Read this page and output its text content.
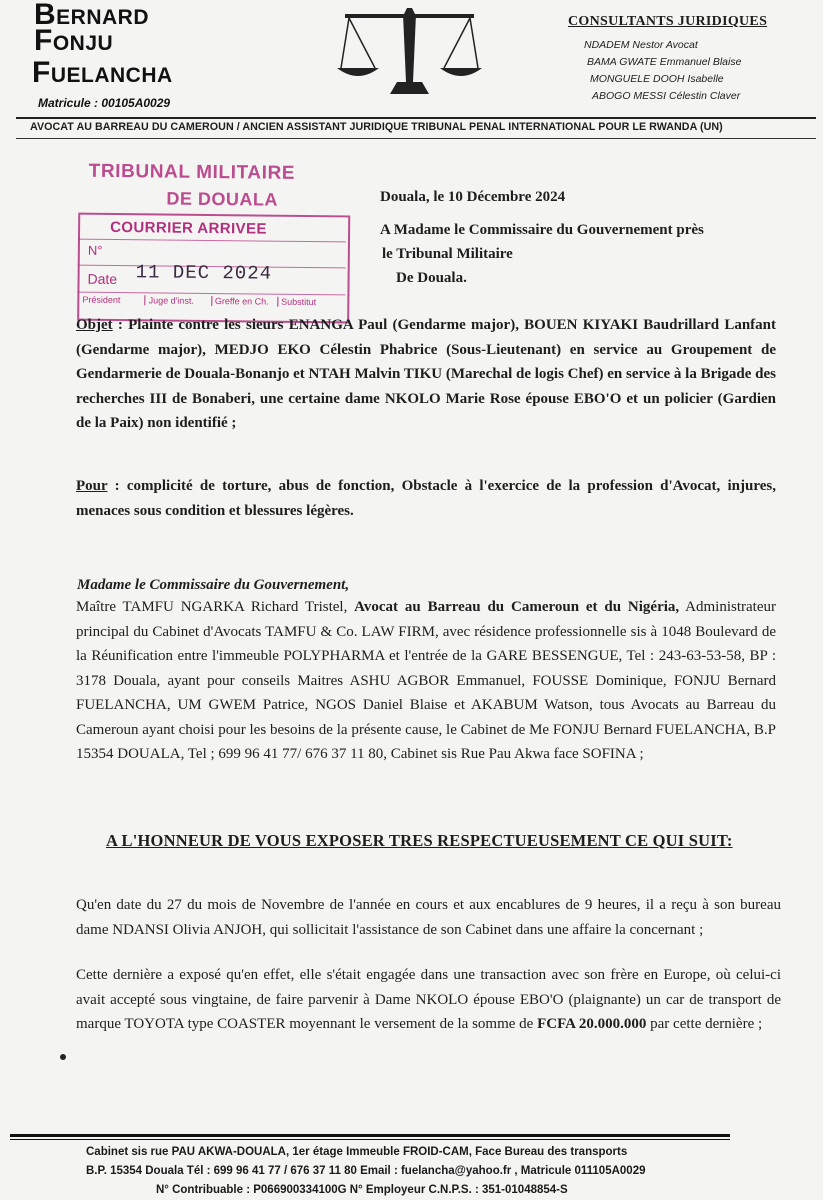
BERNARD
FONJU
FUELANCHA
Matricule : 00105A0029
CONSULTANTS JURIDIQUES
NDADEM Nestor Avocat
BAMA GWATE Emmanuel Blaise
MONGUELE DOOH Isabelle
ABOGO MESSI Célestin Claver
AVOCAT AU BARREAU DU CAMEROUN / ANCIEN ASSISTANT JURIDIQUE TRIBUNAL PENAL INTERNATIONAL POUR LE RWANDA (UN)
TRIBUNAL MILITAIRE
DE DOUALA
COURRIER ARRIVEE
N°
Date 11 DEC 2024
Président	Juge d'inst.	Greffe en Ch.	Substitut
Douala, le 10 Décembre 2024
A Madame le Commissaire du Gouvernement près
le Tribunal Militaire
De Douala.
Objet : Plainte contre les sieurs ENANGA Paul (Gendarme major), BOUEN KIYAKI Baudrillard Lanfant (Gendarme major), MEDJO EKO Célestin Phabrice (Sous-Lieutenant) en service au Groupement de Gendarmerie de Douala-Bonanjo et NTAH Malvin TIKU (Marechal de logis Chef) en service à la Brigade des recherches III de Bonaberi, une certaine dame NKOLO Marie Rose épouse EBO'O et un policier (Gardien de la Paix) non identifié ;
Pour : complicité de torture, abus de fonction, Obstacle à l'exercice de la profession d'Avocat, injures, menaces sous condition et blessures légères.
Madame le Commissaire du Gouvernement,
Maître TAMFU NGARKA Richard Tristel, Avocat au Barreau du Cameroun et du Nigéria, Administrateur principal du Cabinet d'Avocats TAMFU & Co. LAW FIRM, avec résidence professionnelle sis à 1048 Boulevard de la Réunification entre l'immeuble POLYPHARMA et l'entrée de la GARE BESSENGUE, Tel : 243-63-53-58, BP : 3178 Douala, ayant pour conseils Maitres ASHU AGBOR Emmanuel, FOUSSE Dominique, FONJU Bernard FUELANCHA, UM GWEM Patrice, NGOS Daniel Blaise et AKABUM Watson, tous Avocats au Barreau du Cameroun ayant choisi pour les besoins de la présente cause, le Cabinet de Me FONJU Bernard FUELANCHA, B.P 15354 DOUALA, Tel ; 699 96 41 77/ 676 37 11 80, Cabinet sis Rue Pau Akwa face SOFINA ;
A L'HONNEUR DE VOUS EXPOSER TRES RESPECTUEUSEMENT CE QUI SUIT:
Qu'en date du 27 du mois de Novembre de l'année en cours et aux encablures de 9 heures, il a reçu à son bureau dame NDANSI Olivia ANJOH, qui sollicitait l'assistance de son Cabinet dans une affaire la concernant ;
Cette dernière a exposé qu'en effet, elle s'était engagée dans une transaction avec son frère en Europe, où celui-ci avait accepté sous vingtaine, de faire parvenir à Dame NKOLO épouse EBO'O (plaignante) un car de transport de marque TOYOTA type COASTER moyennant le versement de la somme de FCFA 20.000.000 par cette dernière ;
Cabinet sis rue PAU AKWA-DOUALA, 1er étage Immeuble FROID-CAM, Face Bureau des transports
B.P. 15354 Douala Tél : 699 96 41 77 / 676 37 11 80 Email : fuelancha@yahoo.fr , Matricule 011105A0029
N° Contribuable : P066900334100G N° Employeur C.N.P.S. : 351-01048854-S
